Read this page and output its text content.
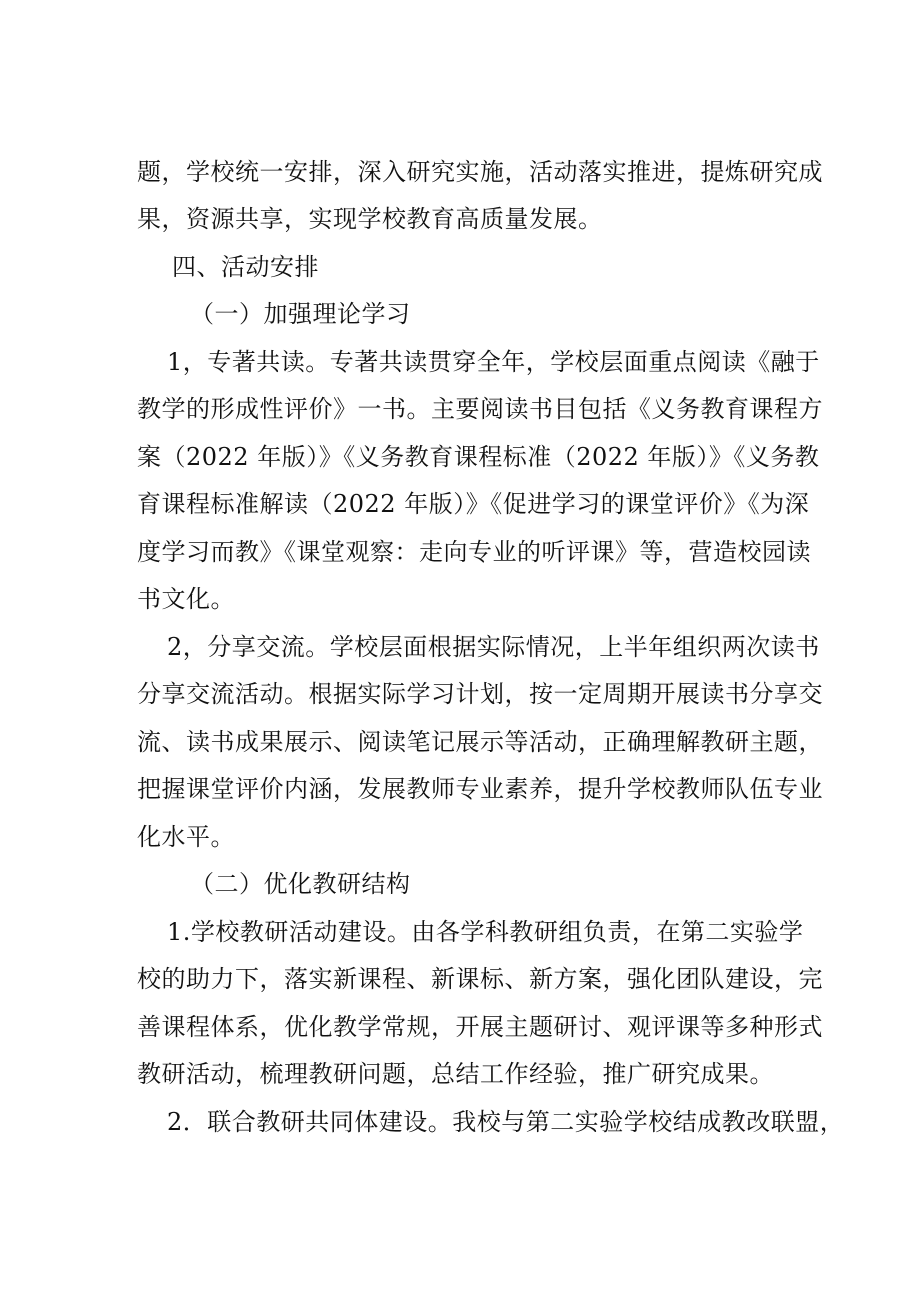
题，学校统一安排，深入研究实施，活动落实推进，提炼研究成
果，资源共享，实现学校教育高质量发展。
四、活动安排
（一）加强理论学习
1，专著共读。专著共读贯穿全年，学校层面重点阅读《融于
教学的形成性评价》一书。主要阅读书目包括《义务教育课程方
案（2022 年版）》《义务教育课程标准（2022 年版）》《义务教
育课程标准解读（2022 年版）》《促进学习的课堂评价》《为深
度学习而教》《课堂观察：走向专业的听评课》等，营造校园读
书文化。
2，分享交流。学校层面根据实际情况，上半年组织两次读书
分享交流活动。根据实际学习计划，按一定周期开展读书分享交
流、读书成果展示、阅读笔记展示等活动，正确理解教研主题，
把握课堂评价内涵，发展教师专业素养，提升学校教师队伍专业
化水平。
（二）优化教研结构
1.学校教研活动建设。由各学科教研组负责，在第二实验学
校的助力下，落实新课程、新课标、新方案，强化团队建设，完
善课程体系，优化教学常规，开展主题研讨、观评课等多种形式
教研活动，梳理教研问题，总结工作经验，推广研究成果。
2．联合教研共同体建设。我校与第二实验学校结成教改联盟，
